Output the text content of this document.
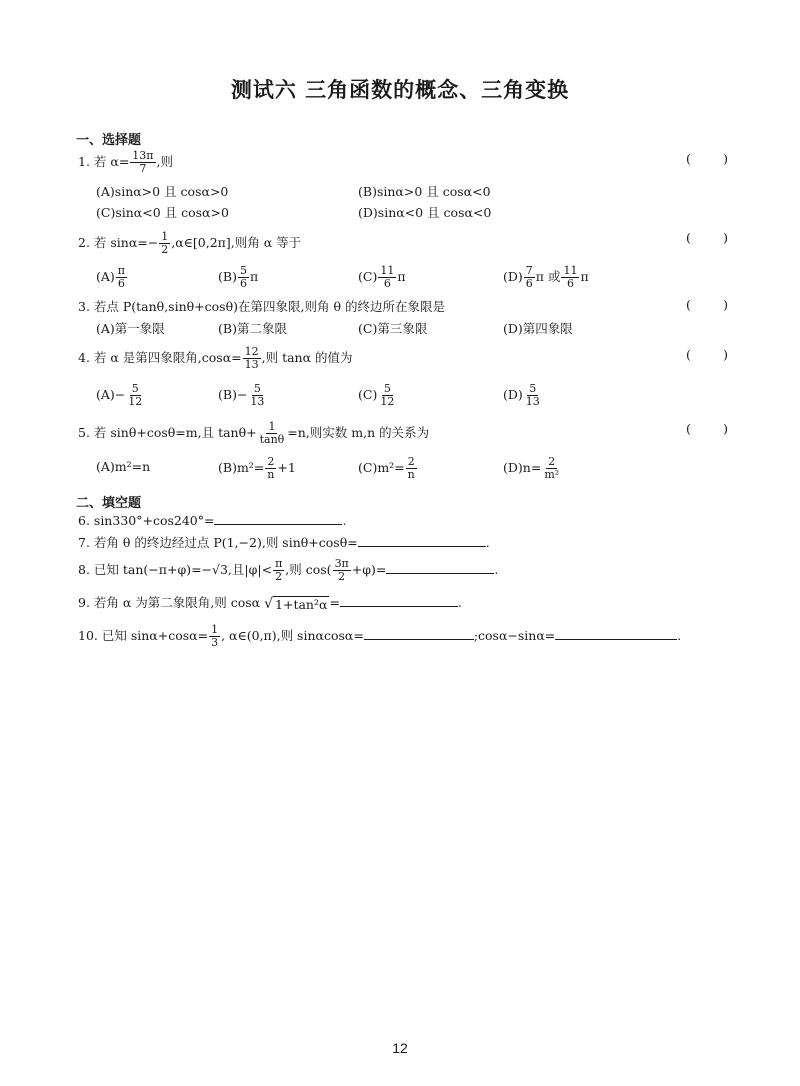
测试六 三角函数的概念、三角变换
一、选择题
1. 若 $\alpha= \frac{13\pi}{7}$ ,则	(	)
(A)sinα>0 且 cosα>0	(B)sinα>0 且 cosα<0
(C)sinα<0 且 cosα>0	(D)sinα<0 且 cosα<0
2. 若 $\sin\alpha=- \frac{1}{2}$ ,α∈[0,2π],则角 α 等于	(	)
$(A) \frac{\pi}{6}$	$(B) \frac{5}{6}$ π	$(C) \frac{11}{6}$ π	$(D) \frac{7}{6}$ π 或 $\frac{11}{6}$ π
3. 若点 P(tanθ,sinθ+cosθ)在第四象限,则角 θ 的终边所在象限是	(	)
(A)第一象限	(B)第二象限	(C)第三象限	(D)第四象限
4. 若 α 是第四象限角$,\cos\alpha= \frac{12}{13}$ ,则 tanα 的值为	(	)
$(A)- \frac{5}{12}$	$(B)- \frac{5}{13}$	$(C) \frac{5}{12}$	$(D) \frac{5}{13}$
5. 若 sinθ+cosθ=m,且 $\tan\theta+ \frac{1}{\tan\theta} =n$,则实数 m,n 的关系为	(	)
(A)m²=n	$(B)m^2= \frac{2}{n} +1$	$(C)m^2= \frac{2}{n}$	$(D)n= \frac{2}{\text{m²}}$
二、填空题
6. sin330°+cos240°=	.
7. 若角 θ 的终边经过点 P(1,−2),则 sinθ+cosθ=	.
8. 已知 tan(−π+φ)=−√3,且$|\varphi|< \frac{\pi}{2}$ ,则 $\cos( \frac{3\pi}{2} +\varphi)=$	.
9. 若角 α 为第二象限角,则 cosα √ 1+tan²α =	.
10. 已知 $\sin\alpha+\cos\alpha= \frac{1}{3}$ , α∈(0,π),则 sinαcosα=	;cosα−sinα=	.
12
